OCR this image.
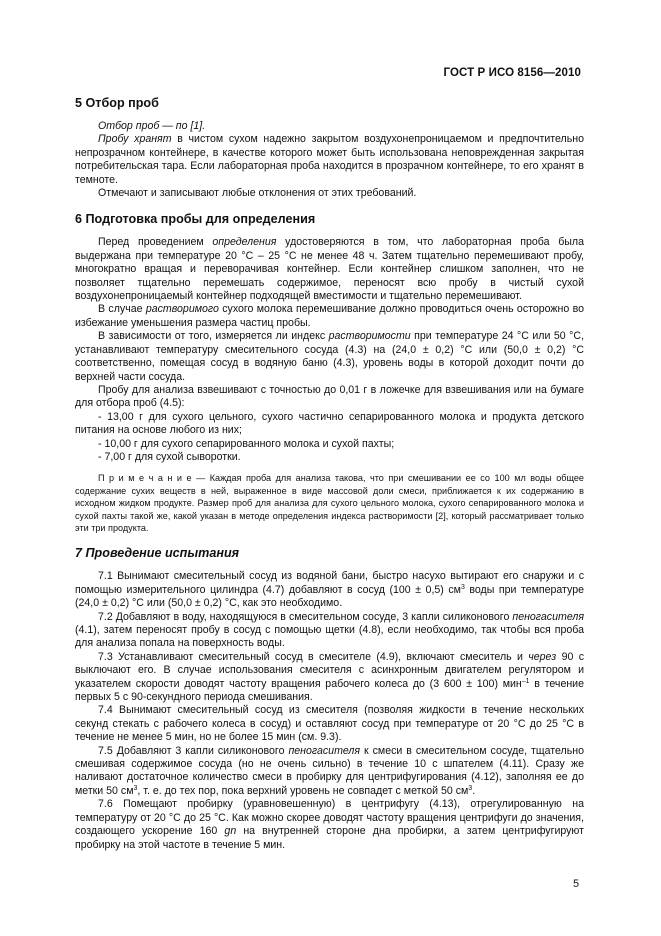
ГОСТ Р ИСО 8156—2010
5 Отбор проб

Отбор проб — по [1].

Пробу хранят в чистом сухом надежно закрытом воздухонепроницаемом и предпочтительно непрозрачном контейнере, в качестве которого может быть использована неповрежденная закрытая потребительская тара. Если лабораторная проба находится в прозрачном контейнере, то его хранят в темноте.

Отмечают и записывают любые отклонения от этих требований.

6 Подготовка пробы для определения

Перед проведением определения удостоверяются в том, что лабораторная проба была выдержана при температуре 20 °С – 25 °С не менее 48 ч. Затем тщательно перемешивают пробу, многократно вращая и переворачивая контейнер. Если контейнер слишком заполнен, что не позволяет тщательно перемешать содержимое, переносят всю пробу в чистый сухой воздухонепроницаемый контейнер подходящей вместимости и тщательно перемешивают.

В случае растворимого сухого молока перемешивание должно проводиться очень осторожно во избежание уменьшения размера частиц пробы.

В зависимости от того, измеряется ли индекс растворимости при температуре 24 °С или 50 °С, устанавливают температуру смесительного сосуда (4.3) на (24,0 ± 0,2) °С или (50,0 ± 0,2) °С соответственно, помещая сосуд в водяную баню (4.3), уровень воды в которой доходит почти до верхней части сосуда.

Пробу для анализа взвешивают с точностью до 0,01 г в ложечке для взвешивания или на бумаге для отбора проб (4.5):

- 13,00 г для сухого цельного, сухого частично сепарированного молока и продукта детского питания на основе любого из них;

- 10,00 г для сухого сепарированного молока и сухой пахты;

- 7,00 г для сухой сыворотки.

П р и м е ч а н и е — Каждая проба для анализа такова, что при смешивании ее со 100 мл воды общее содержание сухих веществ в ней, выраженное в виде массовой доли смеси, приближается к их содержанию в исходном жидком продукте. Размер проб для анализа для сухого цельного молока, сухого сепарированного молока и сухой пахты такой же, какой указан в методе определения индекса растворимости [2], который рассматривает только эти три продукта.

7 Проведение испытания

7.1 Вынимают смесительный сосуд из водяной бани, быстро насухо вытирают его снаружи и с помощью измерительного цилиндра (4.7) добавляют в сосуд (100 ± 0,5) $см^3$ воды при температуре (24,0 ± 0,2) °С или (50,0 ± 0,2) °С, как это необходимо.

7.2 Добавляют в воду, находящуюся в смесительном сосуде, 3 капли силиконового пеногасителя (4.1), затем переносят пробу в сосуд с помощью щетки (4.8), если необходимо, так чтобы вся проба для анализа попала на поверхность воды.

7.3 Устанавливают смесительный сосуд в смесителе (4.9), включают смеситель и через 90 с выключают его. В случае использования смесителя с асинхронным двигателем регулятором и указателем скорости доводят частоту вращения рабочего колеса до (3 600 ± 100) мин$^{-1}$ в течение первых 5 с 90-секундного периода смешивания.

7.4 Вынимают смесительный сосуд из смесителя (позволяя жидкости в течение нескольких секунд стекать с рабочего колеса в сосуд) и оставляют сосуд при температуре от 20 °С до 25 °С в течение не менее 5 мин, но не более 15 мин (см. 9.3).

7.5 Добавляют 3 капли силиконового пеногасителя к смеси в смесительном сосуде, тщательно смешивая содержимое сосуда (но не очень сильно) в течение 10 с шпателем (4.11). Сразу же наливают достаточное количество смеси в пробирку для центрифугирования (4.12), заполняя ее до метки 50 $см^3$, т. е. до тех пор, пока верхний уровень не совпадет с меткой 50 $см^3$.

7.6 Помещают пробирку (уравновешенную) в центрифугу (4.13), отрегулированную на температуру от 20 °С до 25 °С. Как можно скорее доводят частоту вращения центрифуги до значения, создающего ускорение 160 gn на внутренней стороне дна пробирки, а затем центрифугируют пробирку на этой частоте в течение 5 мин.

5
